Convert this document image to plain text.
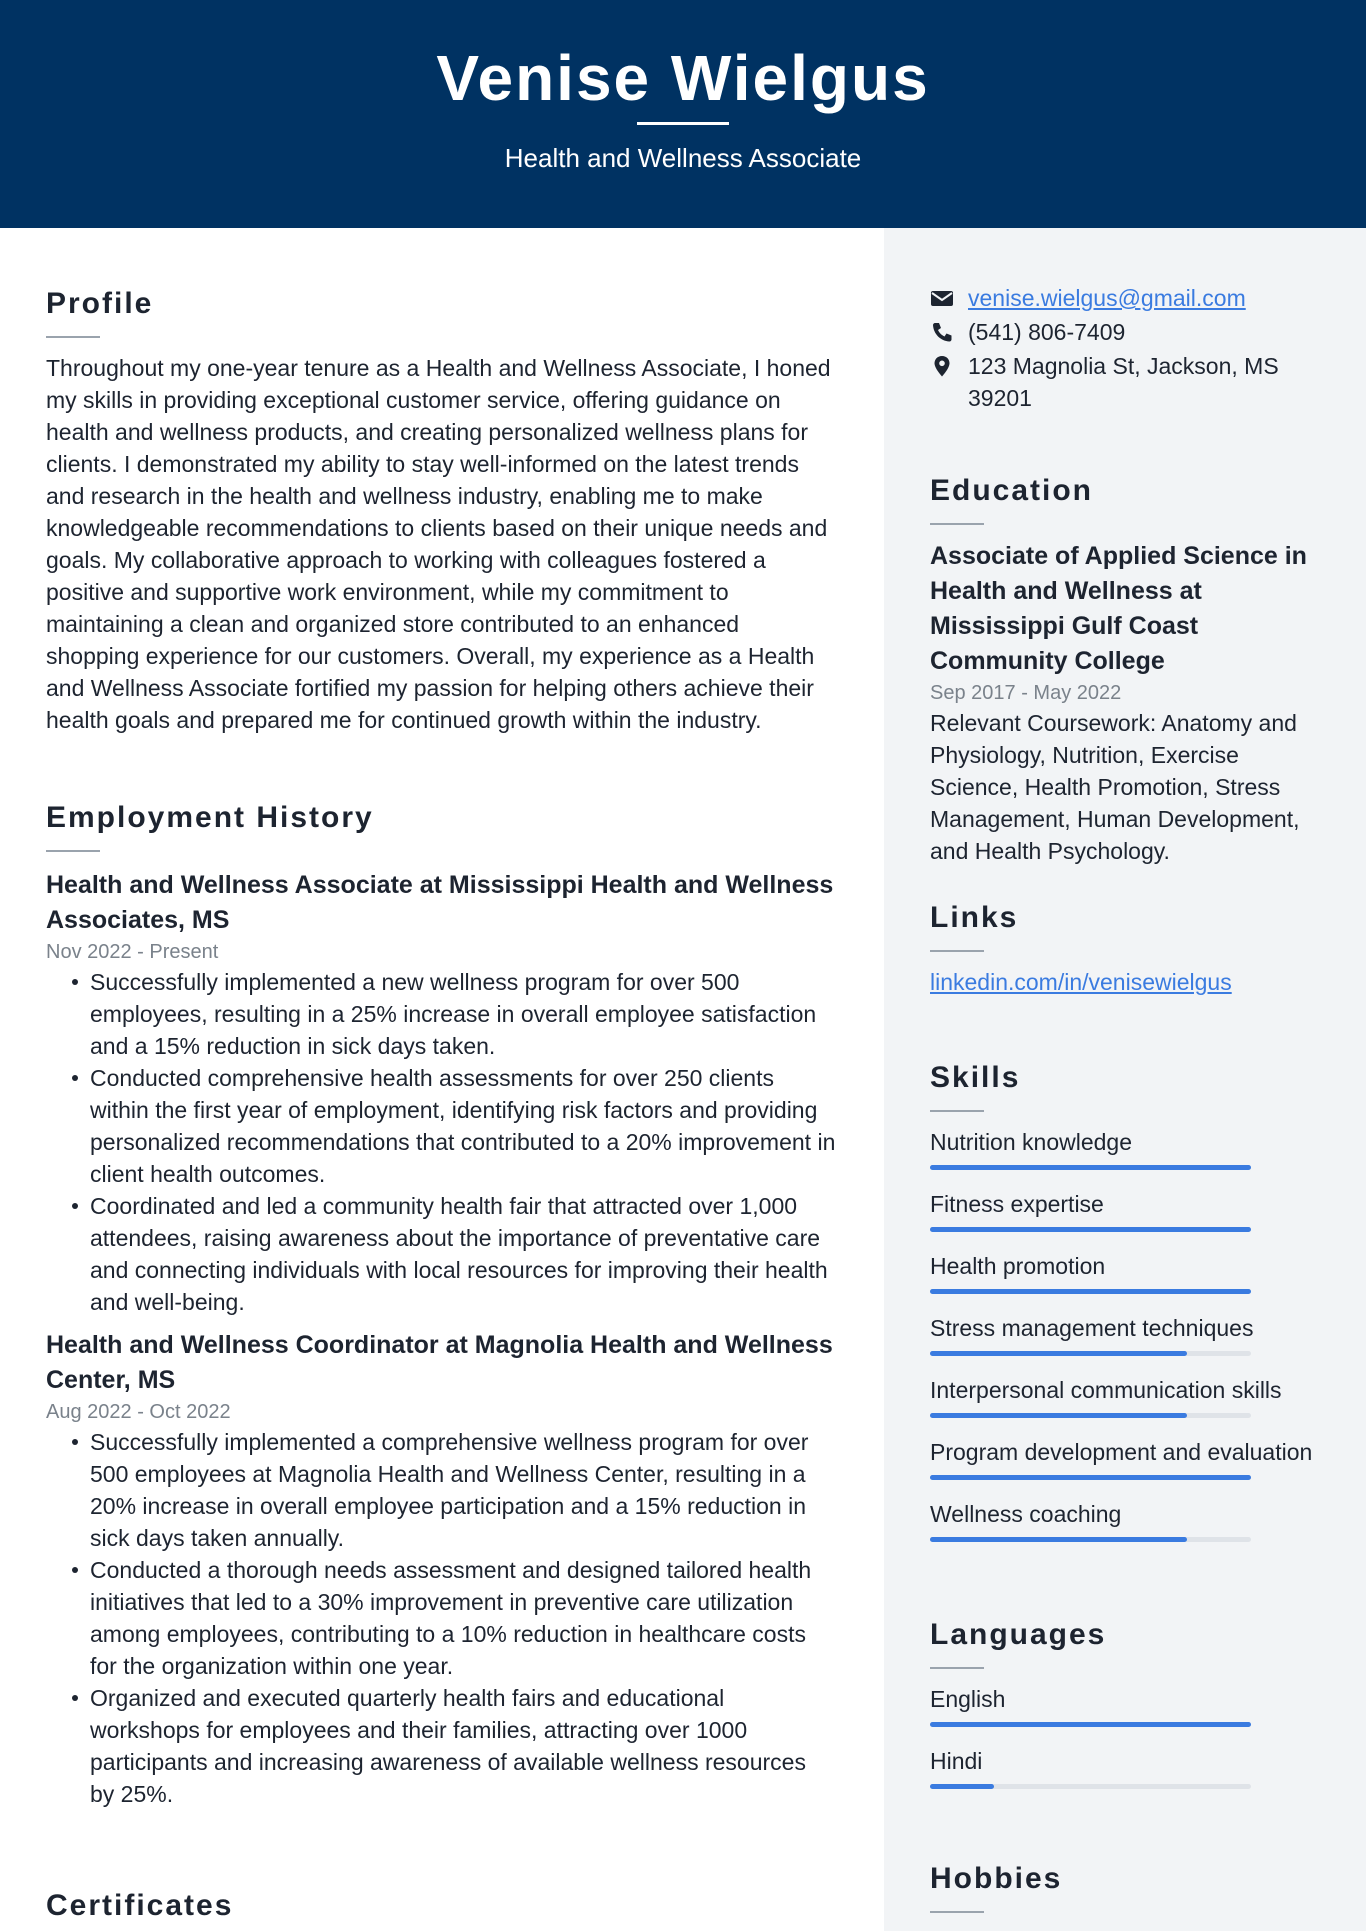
Venise Wielgus
Health and Wellness Associate
Profile
Throughout my one-year tenure as a Health and Wellness Associate, I honed my skills in providing exceptional customer service, offering guidance on health and wellness products, and creating personalized wellness plans for clients. I demonstrated my ability to stay well-informed on the latest trends and research in the health and wellness industry, enabling me to make knowledgeable recommendations to clients based on their unique needs and goals. My collaborative approach to working with colleagues fostered a positive and supportive work environment, while my commitment to maintaining a clean and organized store contributed to an enhanced shopping experience for our customers. Overall, my experience as a Health and Wellness Associate fortified my passion for helping others achieve their health goals and prepared me for continued growth within the industry.
Employment History
Health and Wellness Associate at Mississippi Health and Wellness Associates, MS
Nov 2022 - Present
Successfully implemented a new wellness program for over 500 employees, resulting in a 25% increase in overall employee satisfaction and a 15% reduction in sick days taken.
Conducted comprehensive health assessments for over 250 clients within the first year of employment, identifying risk factors and providing personalized recommendations that contributed to a 20% improvement in client health outcomes.
Coordinated and led a community health fair that attracted over 1,000 attendees, raising awareness about the importance of preventative care and connecting individuals with local resources for improving their health and well-being.
Health and Wellness Coordinator at Magnolia Health and Wellness Center, MS
Aug 2022 - Oct 2022
Successfully implemented a comprehensive wellness program for over 500 employees at Magnolia Health and Wellness Center, resulting in a 20% increase in overall employee participation and a 15% reduction in sick days taken annually.
Conducted a thorough needs assessment and designed tailored health initiatives that led to a 30% improvement in preventive care utilization among employees, contributing to a 10% reduction in healthcare costs for the organization within one year.
Organized and executed quarterly health fairs and educational workshops for employees and their families, attracting over 1000 participants and increasing awareness of available wellness resources by 25%.
Certificates
venise.wielgus@gmail.com
(541) 806-7409
123 Magnolia St, Jackson, MS
39201
Education
Associate of Applied Science in Health and Wellness at Mississippi Gulf Coast Community College
Sep 2017 - May 2022
Relevant Coursework: Anatomy and Physiology, Nutrition, Exercise Science, Health Promotion, Stress Management, Human Development, and Health Psychology.
Links
linkedin.com/in/venisewielgus
Skills
Nutrition knowledge
Fitness expertise
Health promotion
Stress management techniques
Interpersonal communication skills
Program development and evaluation
Wellness coaching
Languages
English
Hindi
Hobbies
